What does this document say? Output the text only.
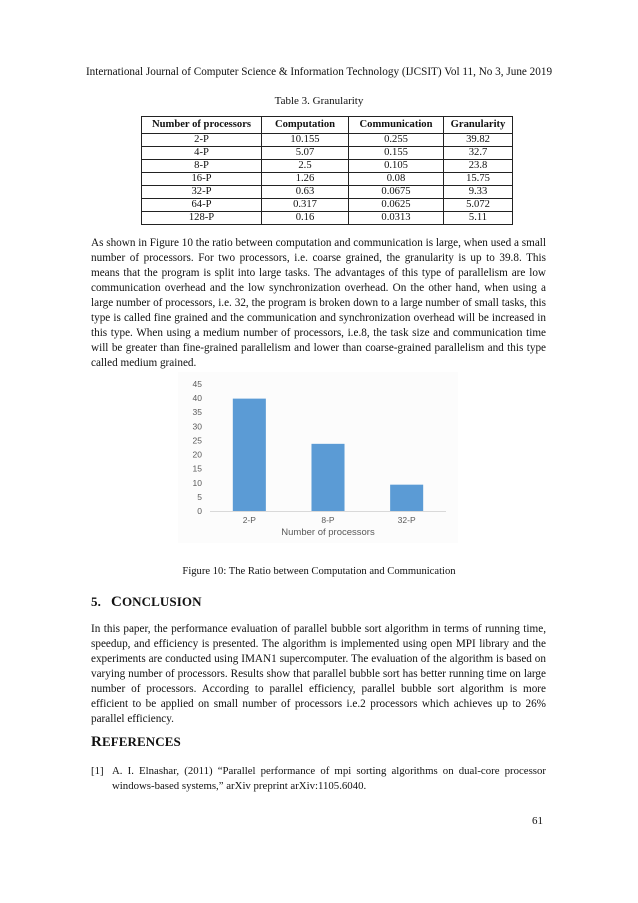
International Journal of Computer Science & Information Technology (IJCSIT) Vol 11, No 3, June 2019
Table 3. Granularity
Number of processors	Computation	Communication	Granularity
2-P	10.155	0.255	39.82
4-P	5.07	0.155	32.7
8-P	2.5	0.105	23.8
16-P	1.26	0.08	15.75
32-P	0.63	0.0675	9.33
64-P	0.317	0.0625	5.072
128-P	0.16	0.0313	5.11

As shown in Figure 10 the ratio between computation and communication is large, when used a small number of processors. For two processors, i.e. coarse grained, the granularity is up to 39.8. This means that the program is split into large tasks. The advantages of this type of parallelism are low communication overhead and the low synchronization overhead. On the other hand, when using a large number of processors, i.e. 32, the program is broken down to a large number of small tasks, this type is called fine grained and the communication and synchronization overhead will be increased in this type. When using a medium number of processors, i.e.8, the task size and communication time will be greater than fine-grained parallelism and lower than coarse-grained parallelism and this type called medium grained.

0
5
10
15
20
25
30
35
40
45
2-P	8-P	32-P
Number of processors
Figure 10: The Ratio between Computation and Communication
5. CONCLUSION

In this paper, the performance evaluation of parallel bubble sort algorithm in terms of running time, speedup, and efficiency is presented. The algorithm is implemented using open MPI library and the experiments are conducted using IMAN1 supercomputer. The evaluation of the algorithm is based on varying number of processors. Results show that parallel bubble sort has better running time on large number of processors. According to parallel efficiency, parallel bubble sort algorithm is more efficient to be applied on small number of processors i.e.2 processors which achieves up to 26% parallel efficiency.

REFERENCES
[1] A. I. Elnashar, (2011) “Parallel performance of mpi sorting algorithms on dual-core processor windows-based systems,” arXiv preprint arXiv:1105.6040.
61
